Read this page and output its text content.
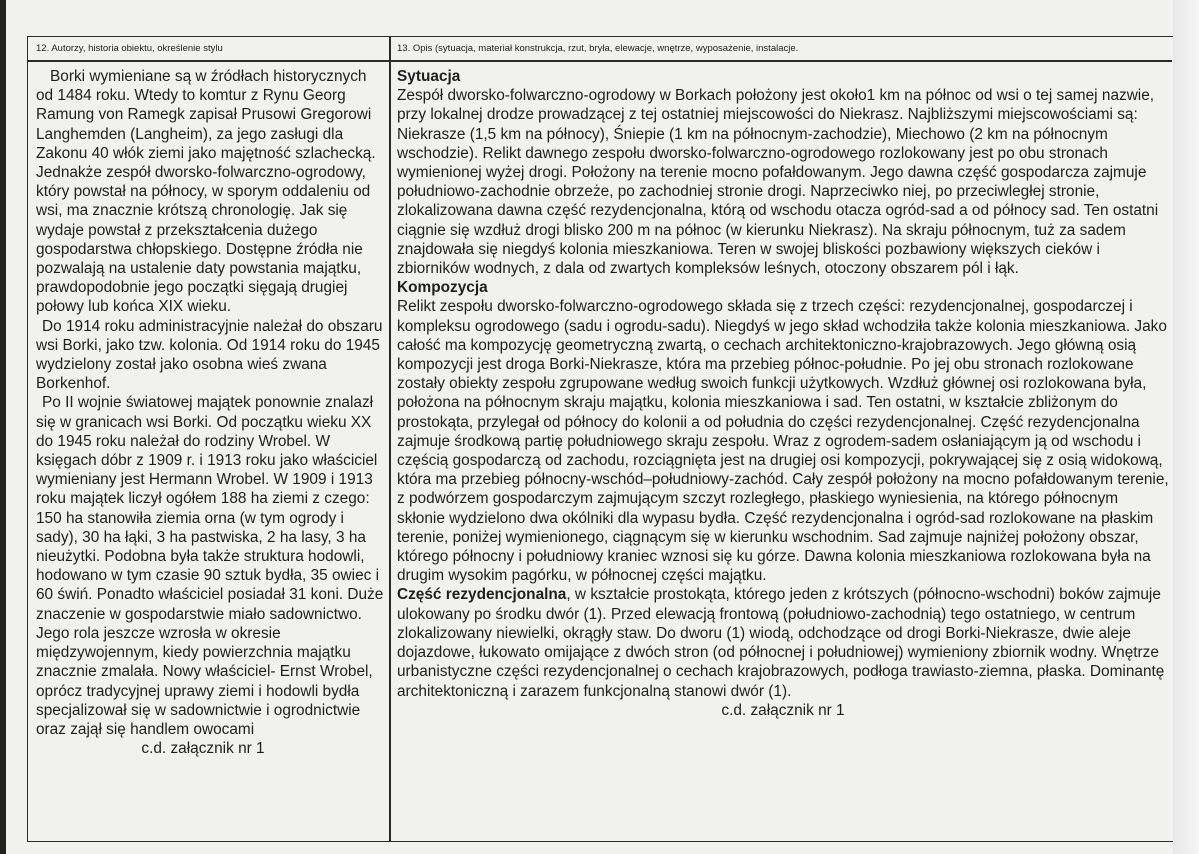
12. Autorzy, historia obiektu, określenie stylu	13. Opis (sytuacja, materiał konstrukcja, rzut, bryła, elewacje, wnętrze, wyposażenie, instalacje.

Borki wymieniane są w źródłach historycznych od 1484 roku. Wtedy to komtur z Rynu Georg Ramung von Ramegk zapisał Prusowi Gregorowi Langhemden (Langheim), za jego zasługi dla Zakonu 40 włók ziemi jako majętność szlachecką. Jednakże zespół dworsko-folwarczno-ogrodowy, który powstał na północy, w sporym oddaleniu od wsi, ma znacznie krótszą chronologię. Jak się wydaje powstał z przekształcenia dużego gospodarstwa chłopskiego. Dostępne źródła nie pozwalają na ustalenie daty powstania majątku, prawdopodobnie jego początki sięgają drugiej połowy lub końca XIX wieku.

Do 1914 roku administracyjnie należał do obszaru wsi Borki, jako tzw. kolonia. Od 1914 roku do 1945 wydzielony został jako osobna wieś zwana Borkenhof.

Po II wojnie światowej majątek ponownie znalazł się w granicach wsi Borki. Od początku wieku XX do 1945 roku należał do rodziny Wrobel. W księgach dóbr z 1909 r. i 1913 roku jako właściciel wymieniany jest Hermann Wrobel. W 1909 i 1913 roku majątek liczył ogółem 188 ha ziemi z czego: 150 ha stanowiła ziemia orna (w tym ogrody i sady), 30 ha łąki, 3 ha pastwiska, 2 ha lasy, 3 ha nieużytki. Podobna była także struktura hodowli, hodowano w tym czasie 90 sztuk bydła, 35 owiec i 60 świń. Ponadto właściciel posiadał 31 koni. Duże znaczenie w gospodarstwie miało sadownictwo. Jego rola jeszcze wzrosła w okresie międzywojennym, kiedy powierzchnia majątku znacznie zmalała. Nowy właściciel- Ernst Wrobel, oprócz tradycyjnej uprawy ziemi i hodowli bydła specjalizował się w sadownictwie i ogrodnictwie oraz zajął się handlem owocami

c.d. załącznik nr 1

Sytuacja

Zespół dworsko-folwarczno-ogrodowy w Borkach położony jest około1 km na północ od wsi o tej samej nazwie, przy lokalnej drodze prowadzącej z tej ostatniej miejscowości do Niekrasz. Najbliższymi miejscowościami są: Niekrasze (1,5 km na północy), Śniepie (1 km na północnym-zachodzie), Miechowo (2 km na północnym wschodzie). Relikt dawnego zespołu dworsko-folwarczno-ogrodowego rozlokowany jest po obu stronach wymienionej wyżej drogi. Położony na terenie mocno pofałdowanym. Jego dawna część gospodarcza zajmuje południowo-zachodnie obrzeże, po zachodniej stronie drogi. Naprzeciwko niej, po przeciwległej stronie, zlokalizowana dawna część rezydencjonalna, którą od wschodu otacza ogród-sad a od północy sad. Ten ostatni ciągnie się wzdłuż drogi blisko 200 m na północ (w kierunku Niekrasz). Na skraju północnym, tuż za sadem znajdowała się niegdyś kolonia mieszkaniowa. Teren w swojej bliskości pozbawiony większych cieków i zbiorników wodnych, z dala od zwartych kompleksów leśnych, otoczony obszarem pól i łąk.

Kompozycja

Relikt zespołu dworsko-folwarczno-ogrodowego składa się z trzech części: rezydencjonalnej, gospodarczej i kompleksu ogrodowego (sadu i ogrodu-sadu). Niegdyś w jego skład wchodziła także kolonia mieszkaniowa. Jako całość ma kompozycję geometryczną zwartą, o cechach architektoniczno-krajobrazowych. Jego główną osią kompozycji jest droga Borki-Niekrasze, która ma przebieg północ-południe. Po jej obu stronach rozlokowane zostały obiekty zespołu zgrupowane według swoich funkcji użytkowych. Wzdłuż głównej osi rozlokowana była, położona na północnym skraju majątku, kolonia mieszkaniowa i sad. Ten ostatni, w kształcie zbliżonym do prostokąta, przylegał od północy do kolonii a od południa do części rezydencjonalnej. Część rezydencjonalna zajmuje środkową partię południowego skraju zespołu. Wraz z ogrodem-sadem osłaniającym ją od wschodu i częścią gospodarczą od zachodu, rozciągnięta jest na drugiej osi kompozycji, pokrywającej się z osią widokową, która ma przebieg północny-wschód–południowy-zachód. Cały zespół położony na mocno pofałdowanym terenie, z podwórzem gospodarczym zajmującym szczyt rozległego, płaskiego wyniesienia, na którego północnym skłonie wydzielono dwa okólniki dla wypasu bydła. Część rezydencjonalna i ogród-sad rozlokowane na płaskim terenie, poniżej wymienionego, ciągnącym się w kierunku wschodnim. Sad zajmuje najniżej położony obszar, którego północny i południowy kraniec wznosi się ku górze. Dawna kolonia mieszkaniowa rozlokowana była na drugim wysokim pagórku, w północnej części majątku.

Część rezydencjonalna, w kształcie prostokąta, którego jeden z krótszych (północno-wschodni) boków zajmuje ulokowany po środku dwór (1). Przed elewacją frontową (południowo-zachodnią) tego ostatniego, w centrum zlokalizowany niewielki, okrągły staw. Do dworu (1) wiodą, odchodzące od drogi Borki-Niekrasze, dwie aleje dojazdowe, łukowato omijające z dwóch stron (od północnej i południowej) wymieniony zbiornik wodny. Wnętrze urbanistyczne części rezydencjonalnej o cechach krajobrazowych, podłoga trawiasto-ziemna, płaska. Dominantę architektoniczną i zarazem funkcjonalną stanowi dwór (1).

c.d. załącznik nr 1
